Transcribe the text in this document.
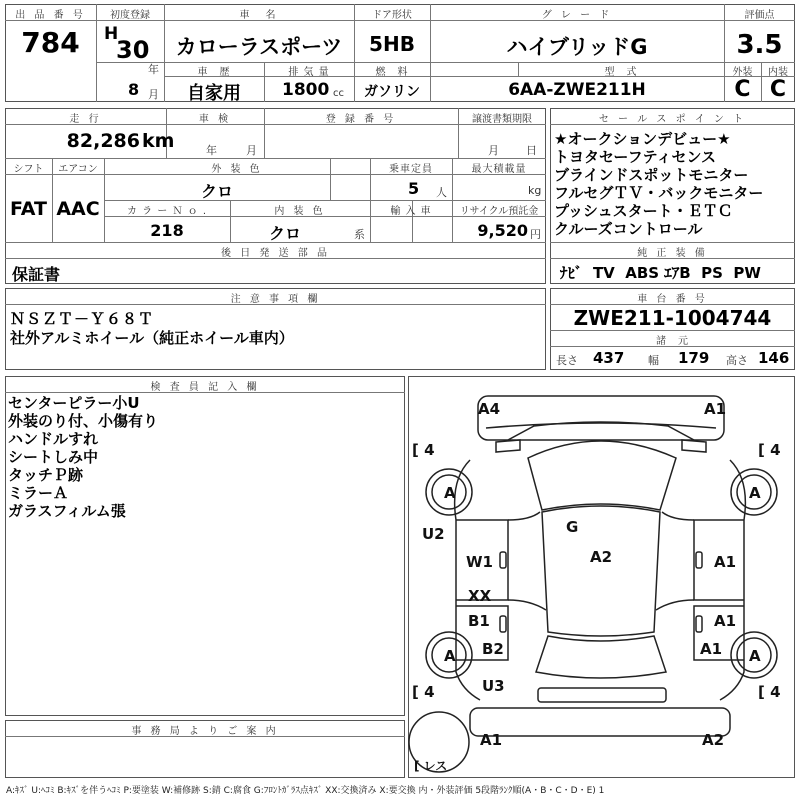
出 品 番 号
784
初度登録
H
30
年
8 月
車　名
カローラスポーツ
ドア形状
5HB
グ レ ー ド
ハイブリッドG
評価点
3.5
車　歴
自家用
排 気 量
1800 cc
燃　料
ガソリン
型　式
6AA-ZWE211H
外装	内装
C C
走 行
82,286 km
車 検
年	月
登 録 番 号	譲渡書類期限
月 日
シフト	エアコン
FAT AAC
外 装 色
クロ
乗車定員
5 人
最大積載量
kg
カ ラ ー Ｎ ｏ .
218
内 装 色
クロ	系
輸 入 車	リサイクル預託金
9,520 円
後 日 発 送 部 品
保証書
セ ー ル ス ポ イ ン ト
★オークションデビュー★
トヨタセーフティセンス
ブラインドスポットモニター
フルセグＴＶ・バックモニター
プッシュスタート・ＥＴＣ
クルーズコントロール
純 正 装 備
ﾅﾋﾞ  TV  ABS ｴｱB  PS  PW
注 意 事 項 欄
ＮＳＺＴ－Ｙ６８Ｔ
社外アルミホイール（純正ホイール車内）
車 台 番 号
ZWE211-1004744
諸　元
長さ 437 幅 179 高さ 146
検 査 員 記 入 欄
センターピラー小U
外装のり付、小傷有り
ハンドルすれ
シートしみ中
タッチＰ跡
ミラーＡ
ガラスフィルム張
事 務 局 よ り ご 案 内
A4	A1
G
A2
U2
W1	A1
XX
B1	A1
B2	A1
U3
A1	A2
A	A
A	A
[ 4	[ 4
[ 4	[ 4
[ レス
A:ｷｽﾞ U:ﾍｺﾐ B:ｷｽﾞを伴うﾍｺﾐ P:要塗装 W:補修跡 S:錆 C:腐食 G:ﾌﾛﾝﾄｶﾞﾗｽ点ｷｽﾞ XX:交換済み X:要交換 内・外装評価 5段階ﾗﾝｸ順(A・B・C・D・E) 1
